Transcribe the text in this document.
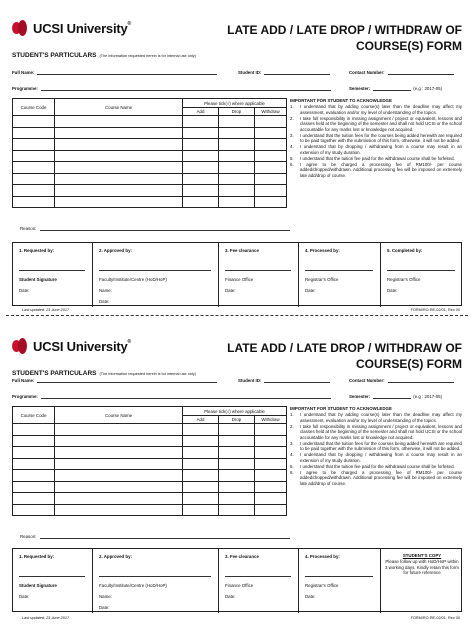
UCSI University®	LATE ADD / LATE DROP / WITHDRAW OF COURSE(S) FORM
STUDENT'S PARTICULARS (The information requested herein is for internal use only)
Full Name:	Student ID:	Contact Number:
Programme:	Semester:	(e.g : 2017-05)
Course Code	Course Name	Please tick(√) where applicable		
		Add	Drop	Withdraw

IMPORTANT FOR STUDENT TO ACKNOWLEDGE
1.	I understand that by adding course(s) later than the deadline may affect my assessment, evaluation and/or my level of understanding of the topics.
2.	I take full responsibility in missing assignment / project or equivalent, lessons and classes held at the beginning of the semester and shall not hold UCSI or the school accountable for any marks lost or knowledge not acquired.
3.	I understand that the tuition fees for the courses being added herewith are required to be paid together with the submission of this form, otherwise, it will not be added.
4.	I understand that by dropping / withdrawing from a course may result in an extension of my study duration.
5.	I understand that the tuition fee paid for the withdrawal course shall be forfeited.
6.	I agree to be charged a processing fee of RM100/- per course added/dropped/withdrawn. Additional processing fee will be imposed on extremely late add/drop of course.
Reason:
1. Requested by:
Student Signature
Date:
2. Approved by:
Faculty/Institute/Centre (HoD/HoP)
Name:
Date:
3. Fee clearance
Finance Office
Date:
4. Processed by:
Registrar's Office
Date:
5. Completed by:
Registrar's Office
Date:
Last updated: 23 June 2017	FORM/RO-RE-02/01, Rev 00
UCSI University®	LATE ADD / LATE DROP / WITHDRAW OF COURSE(S) FORM
STUDENT'S PARTICULARS (The information requested herein is for internal use only)
Full Name:	Student ID:	Contact Number:
Programme:	Semester:	(e.g : 2017-05)
Course Code	Course Name	Please tick(√) where applicable		
		Add	Drop	Withdraw

IMPORTANT FOR STUDENT TO ACKNOWLEDGE
1.	I understand that by adding course(s) later than the deadline may affect my assessment, evaluation and/or my level of understanding of the topics.
2.	I take full responsibility in missing assignment / project or equivalent, lessons and classes held at the beginning of the semester and shall not hold UCSI or the school accountable for any marks lost or knowledge not acquired.
3.	I understand that the tuition fees for the courses being added herewith are required to be paid together with the submission of this form, otherwise, it will not be added.
4.	I understand that by dropping / withdrawing from a course may result in an extension of my study duration.
5.	I understand that the tuition fee paid for the withdrawal course shall be forfeited.
6.	I agree to be charged a processing fee of RM100/- per course added/dropped/withdrawn. Additional processing fee will be imposed on extremely late add/drop of course.
Reason:
1. Requested by:
Student Signature
Date:
2. Approved by:
Faculty/Institute/Centre (HoD/HoP)
Name:
Date:
3. Fee clearance
Finance Office
Date:
4. Processed by:
Registrar's Office
Date:
STUDENT'S COPY
Please follow up with HoD/HoP within 3 working days. Kindly retain this form for future reference
Last updated: 23 June 2017	FORM/RO-RE-02/01, Rev 00
